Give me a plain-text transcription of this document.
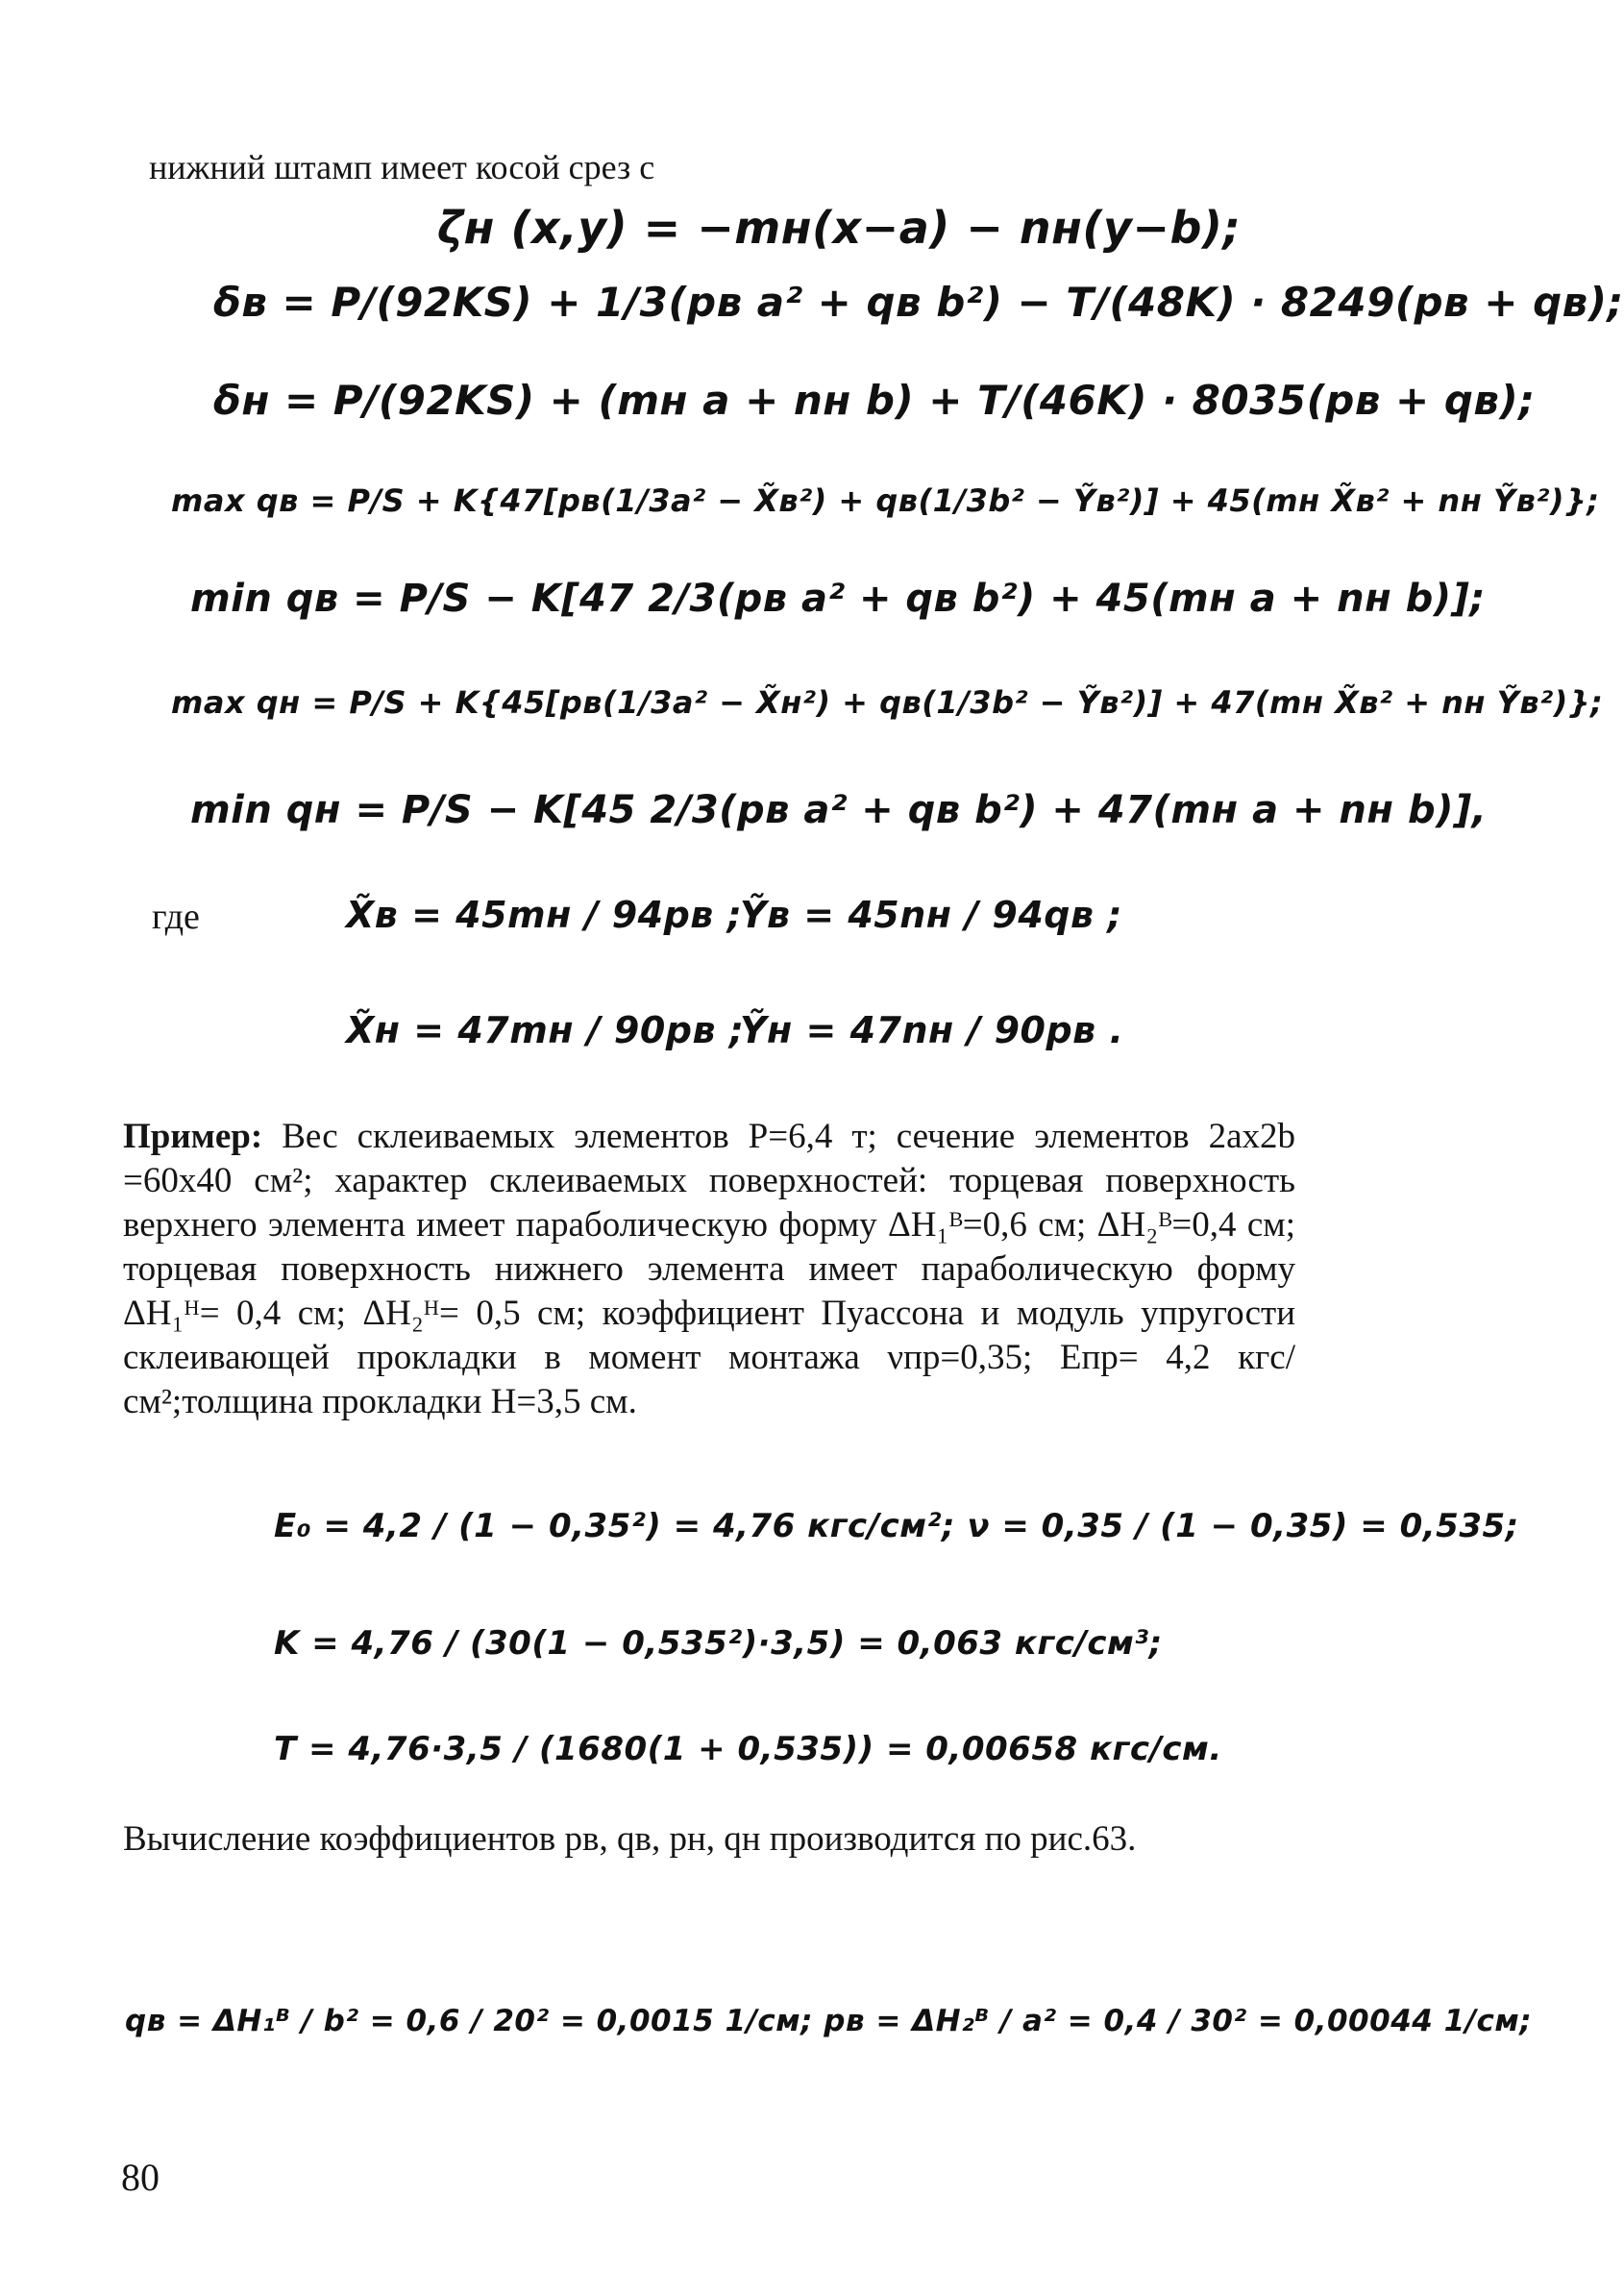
нижний штамп имеет косой срез с
ζн (x,y) = −mн(x−a) − nн(y−b);
δв = P/(92KS) + 1/3(pв a² + qв b²) − T/(48K) · 8249(pв + qв);
δн = P/(92KS) + (mн a + nн b) + T/(46K) · 8035(pв + qв);
max qв = P/S + K{47[pв(1/3a² − X̃в²) + qв(1/3b² − Ỹв²)] + 45(mн X̃в² + nн Ỹв²)};
min qв = P/S − K[47 2/3(pв a² + qв b²) + 45(mн a + nн b)];
max qн = P/S + K{45[pв(1/3a² − X̃н²) + qв(1/3b² − Ỹв²)] + 47(mн X̃в² + nн Ỹв²)};
min qн = P/S − K[45 2/3(pв a² + qв b²) + 47(mн a + nн b)],
где	X̃в = 45mн / 94pв ;
Ỹв = 45nн / 94qв ;
X̃н = 47mн / 90pв ;
Ỹн = 47nн / 90pв .
Пример: Вес склеиваемых элементов P=6,4 т; сечение элементов 2aх2b =60х40 см²; характер склеиваемых поверхностей: торцевая поверхность верхнего элемента имеет параболическую форму ΔH₁ᴮ=0,6 см; ΔH₂ᴮ=0,4 см; торцевая поверхность нижнего элемента имеет параболическую форму ΔH₁ᴴ= 0,4 см; ΔH₂ᴴ= 0,5 см; коэффициент Пуассона и модуль упругости склеивающей прокладки в момент монтажа νпр=0,35; Eпр= 4,2 кгс/см²;толщина прокладки H=3,5 см.
E₀ = 4,2 / (1 − 0,35²) = 4,76 кгс/см²; ν = 0,35 / (1 − 0,35) = 0,535;
K = 4,76 / (30(1 − 0,535²)·3,5) = 0,063 кгс/см³;
T = 4,76·3,5 / (1680(1 + 0,535)) = 0,00658 кгс/см.
Вычисление коэффициентов pв, qв, pн, qн производится по рис.63.
qв = ΔH₁ᴮ / b² = 0,6 / 20² = 0,0015 1/см; pв = ΔH₂ᴮ / a² = 0,4 / 30² = 0,00044 1/см;
80
